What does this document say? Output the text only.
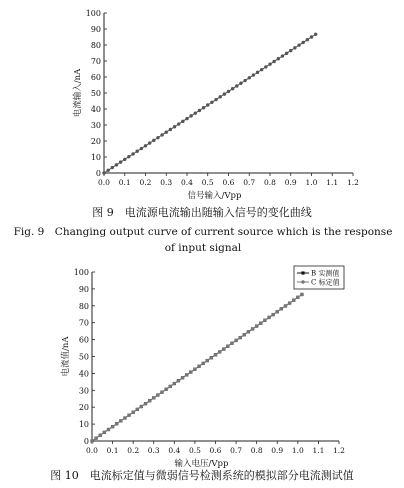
0
10
20
30
40
50
60
70
80
90
100
0.0 0.1 0.2 0.3 0.4 0.5 0.6 0.7 0.8 0.9 1.0 1.1 1.2
信号输入/Vpp
电流输入/nA
0
10
20
30
40
50
60
70
80
90
100
0.0 0.1 0.2 0.3 0.4 0.5 0.6 0.7 0.8 0.9 1.0 1.1 1.2
输入电压/Vpp
电流值/nA
B 实测值
C 标定值
图 9　电流源电流输出随输入信号的变化曲线
Fig. 9　Changing output curve of current source which is the response
of input signal
图 10　电流标定值与微弱信号检测系统的模拟部分电流测试值
